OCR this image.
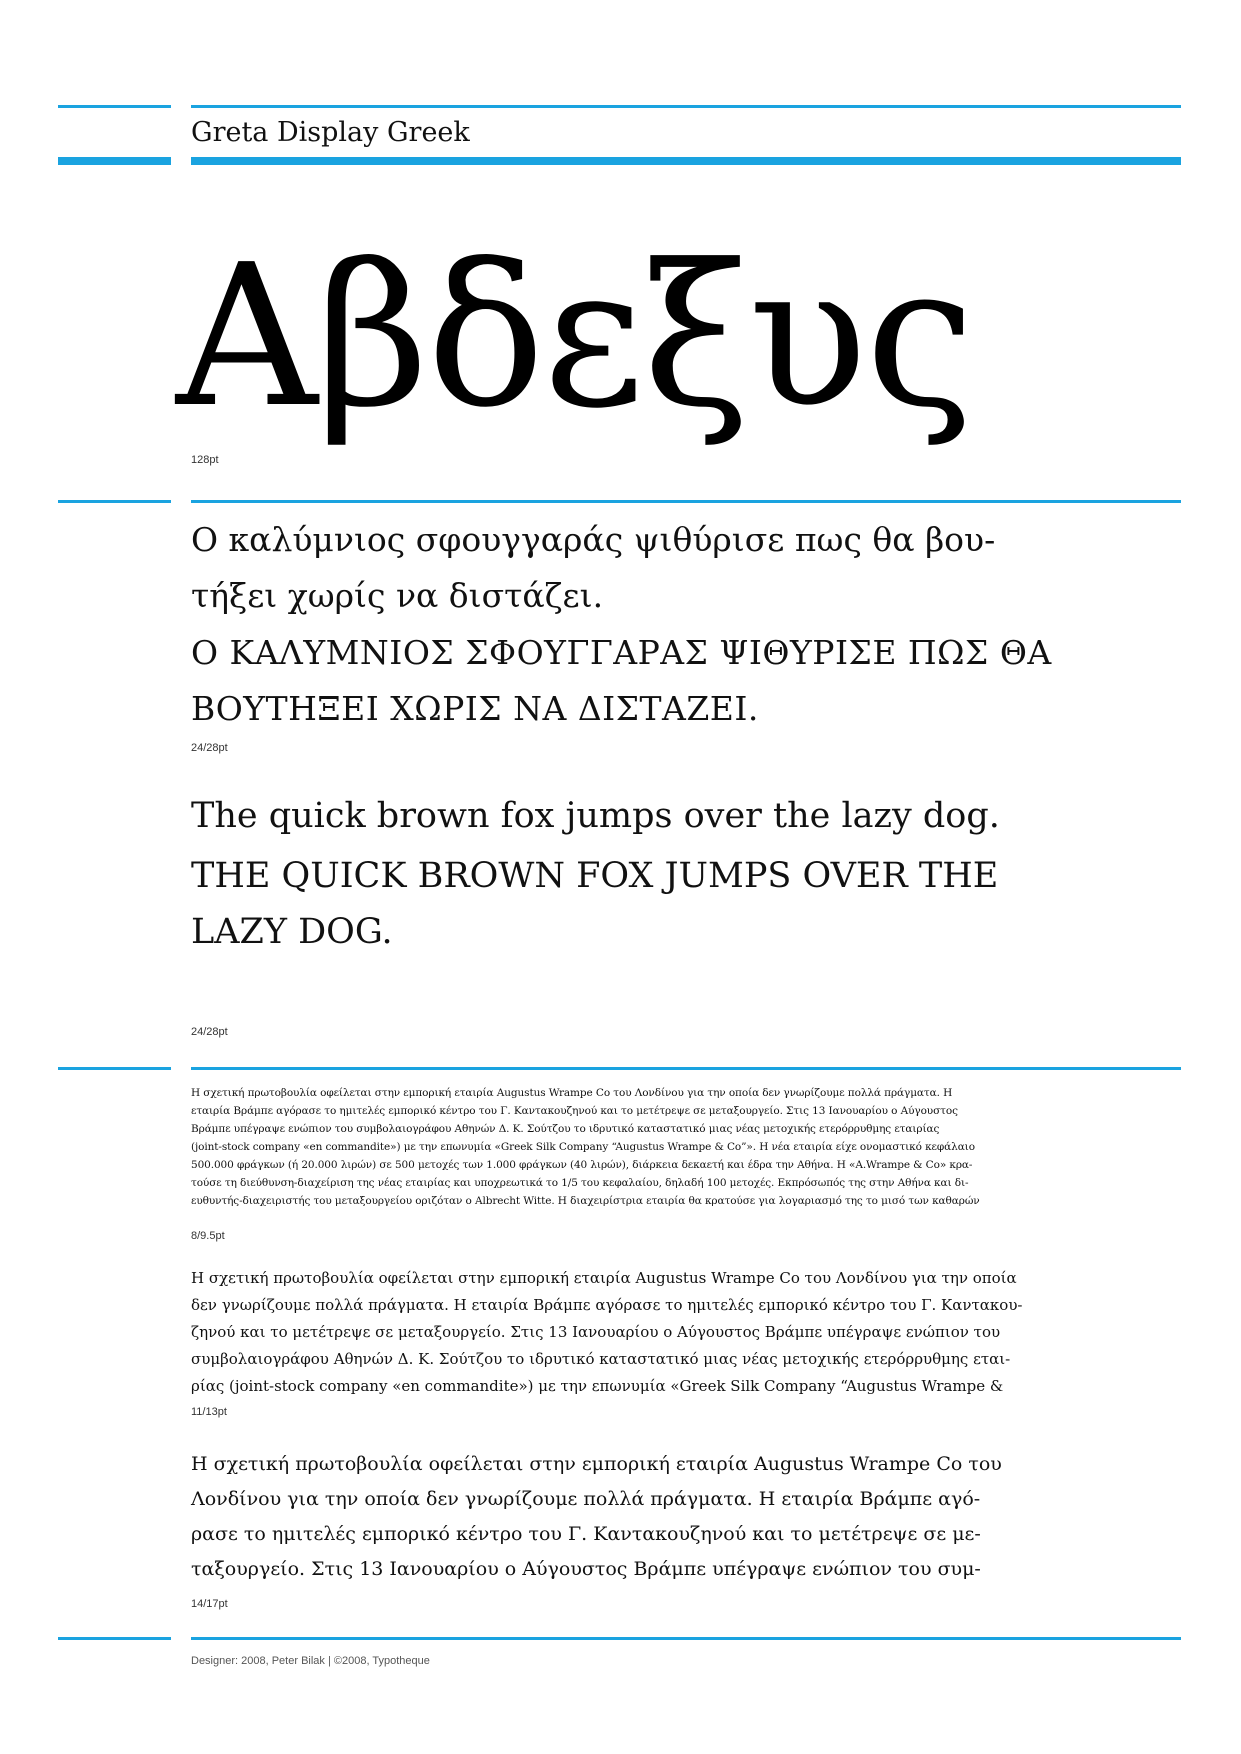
Greta Display Greek
Αβδεξυς
128pt
Ο καλύμνιος σφουγγαράς ψιθύρισε πως θα βου-
τήξει χωρίς να διστάζει.
Ο ΚΑΛΥΜΝΙΟΣ ΣΦΟΥΓΓΑΡΑΣ ΨΙΘΥΡΙΣΕ ΠΩΣ ΘΑ
ΒΟΥΤΗΞΕΙ ΧΩΡΙΣ ΝΑ ΔΙΣΤΑΖΕΙ.
24/28pt
The quick brown fox jumps over the lazy dog.
THE QUICK BROWN FOX JUMPS OVER THE
LAZY DOG.
24/28pt
Η σχετική πρωτοβουλία οφείλεται στην εμπορική εταιρία Augustus Wrampe Co του Λονδίνου για την οποία δεν γνωρίζουμε πολλά πράγματα. Η
εταιρία Βράμπε αγόρασε το ημιτελές εμπορικό κέντρο του Γ. Καντακουζηνού και το μετέτρεψε σε μεταξουργείο. Στις 13 Ιανουαρίου ο Αύγουστος
Βράμπε υπέγραψε ενώπιον του συμβολαιογράφου Αθηνών Δ. Κ. Σούτζου το ιδρυτικό καταστατικό μιας νέας μετοχικής ετερόρρυθμης εταιρίας
(joint-stock company «en commandite») με την επωνυμία «Greek Silk Company “Augustus Wrampe & Co”». Η νέα εταιρία είχε ονομαστικό κεφάλαιο
500.000 φράγκων (ή 20.000 λιρών) σε 500 μετοχές των 1.000 φράγκων (40 λιρών), διάρκεια δεκαετή και έδρα την Αθήνα. Η «Α.Wrampe & Co» κρα-
τούσε τη διεύθυνση-διαχείριση της νέας εταιρίας και υποχρεωτικά το 1/5 του κεφαλαίου, δηλαδή 100 μετοχές. Εκπρόσωπός της στην Αθήνα και δι-
ευθυντής-διαχειριστής του μεταξουργείου οριζόταν ο Albrecht Witte. Η διαχειρίστρια εταιρία θα κρατούσε για λογαριασμό της το μισό των καθαρών
8/9.5pt
Η σχετική πρωτοβουλία οφείλεται στην εμπορική εταιρία Augustus Wrampe Co του Λονδίνου για την οποία
δεν γνωρίζουμε πολλά πράγματα. Η εταιρία Βράμπε αγόρασε το ημιτελές εμπορικό κέντρο του Γ. Καντακου-
ζηνού και το μετέτρεψε σε μεταξουργείο. Στις 13 Ιανουαρίου ο Αύγουστος Βράμπε υπέγραψε ενώπιον του
συμβολαιογράφου Αθηνών Δ. Κ. Σούτζου το ιδρυτικό καταστατικό μιας νέας μετοχικής ετερόρρυθμης εται-
ρίας (joint-stock company «en commandite») με την επωνυμία «Greek Silk Company “Augustus Wrampe &
11/13pt
Η σχετική πρωτοβουλία οφείλεται στην εμπορική εταιρία Augustus Wrampe Co του
Λονδίνου για την οποία δεν γνωρίζουμε πολλά πράγματα. Η εταιρία Βράμπε αγό-
ρασε το ημιτελές εμπορικό κέντρο του Γ. Καντακουζηνού και το μετέτρεψε σε με-
ταξουργείο. Στις 13 Ιανουαρίου ο Αύγουστος Βράμπε υπέγραψε ενώπιον του συμ-
14/17pt
Designer: 2008, Peter Bilak | ©2008, Typotheque
